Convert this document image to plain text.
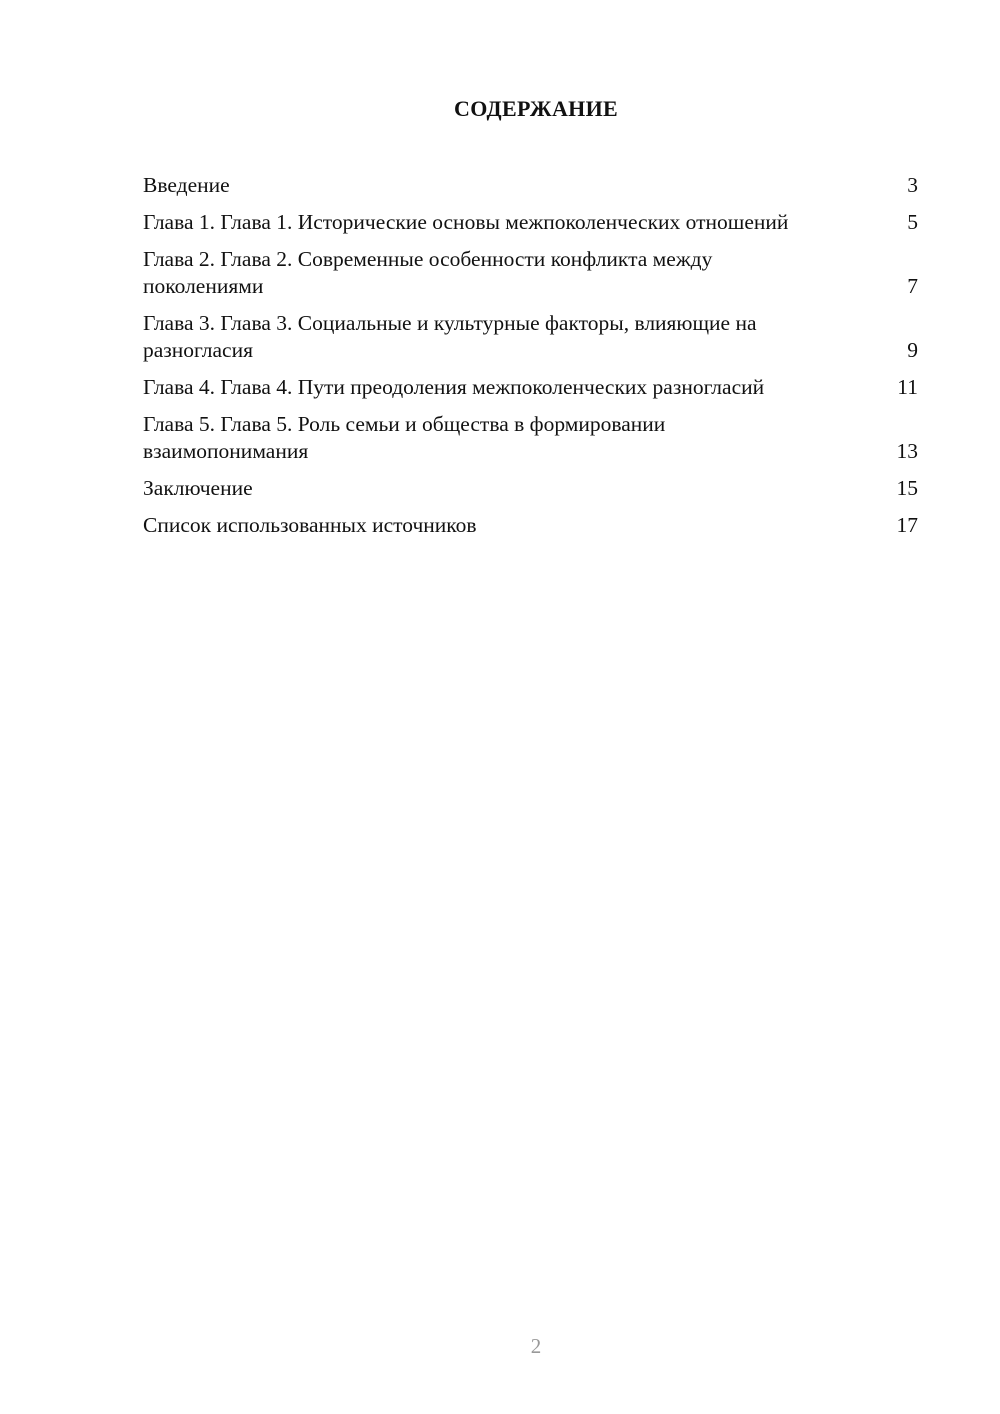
СОДЕРЖАНИЕ
Введение	3
Глава 1. Глава 1. Исторические основы межпоколенческих отношений	5
Глава 2. Глава 2. Современные особенности конфликта между поколениями	7
Глава 3. Глава 3. Социальные и культурные факторы, влияющие на разногласия	9
Глава 4. Глава 4. Пути преодоления межпоколенческих разногласий	11
Глава 5. Глава 5. Роль семьи и общества в формировании взаимопонимания	13
Заключение	15
Список использованных источников	17
2
